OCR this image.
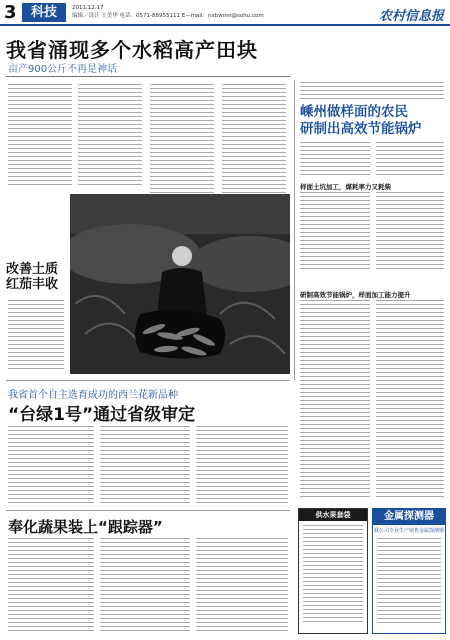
3	科技	2011.12.17
编辑／设计 王美华 电话：0571-88955111 E—mail：nxbwnm@sohu.com	农村信息报
我省涌现多个水稻高产田块
亩产900公斤不再是神话
改善土质
红茄丰收
嵊州做样面的农民
研制出高效节能锅炉
样面土坑加工，煤耗率力又耗柴
研制高效节能锅炉，样面加工能力提升
我省首个自主选育成功的西兰花新品种
“台绿1号”通过省级审定
奉化蔬果装上“跟踪器”
供水果套袋	金属探测器
我公司专业生产销售金属探测器
